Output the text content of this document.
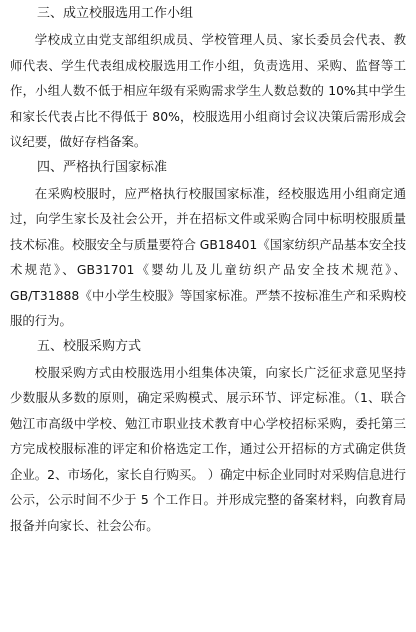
三、成立校服选用工作小组

学校成立由党支部组织成员、学校管理人员、家长委员会代表、教师代表、学生代表组成校服选用工作小组，负责选用、采购、监督等工作，小组人数不低于相应年级有采购需求学生人数总数的 10%其中学生和家长代表占比不得低于 80%，校服选用小组商讨会议决策后需形成会议纪要，做好存档备案。

四、严格执行国家标准

在采购校服时，应严格执行校服国家标准，经校服选用小组商定通过，向学生家长及社会公开，并在招标文件或采购合同中标明校服质量技术标准。校服安全与质量要符合 GB18401《国家纺织产品基本安全技术规范》、GB31701《婴幼儿及儿童纺织产品安全技术规范》、GB/T31888《中小学生校服》等国家标准。严禁不按标准生产和采购校服的行为。

五、校服采购方式

校服采购方式由校服选用小组集体决策，向家长广泛征求意见坚持少数服从多数的原则，确定采购模式、展示环节、评定标准。（1、联合勉江市高级中学校、勉江市职业技术教育中心学校招标采购，委托第三方完成校服标准的评定和价格选定工作，通过公开招标的方式确定供货企业。2、市场化，家长自行购买。 ）确定中标企业同时对采购信息进行公示，公示时间不少于 5 个工作日。并形成完整的备案材料，向教育局报备并向家长、社会公布。
